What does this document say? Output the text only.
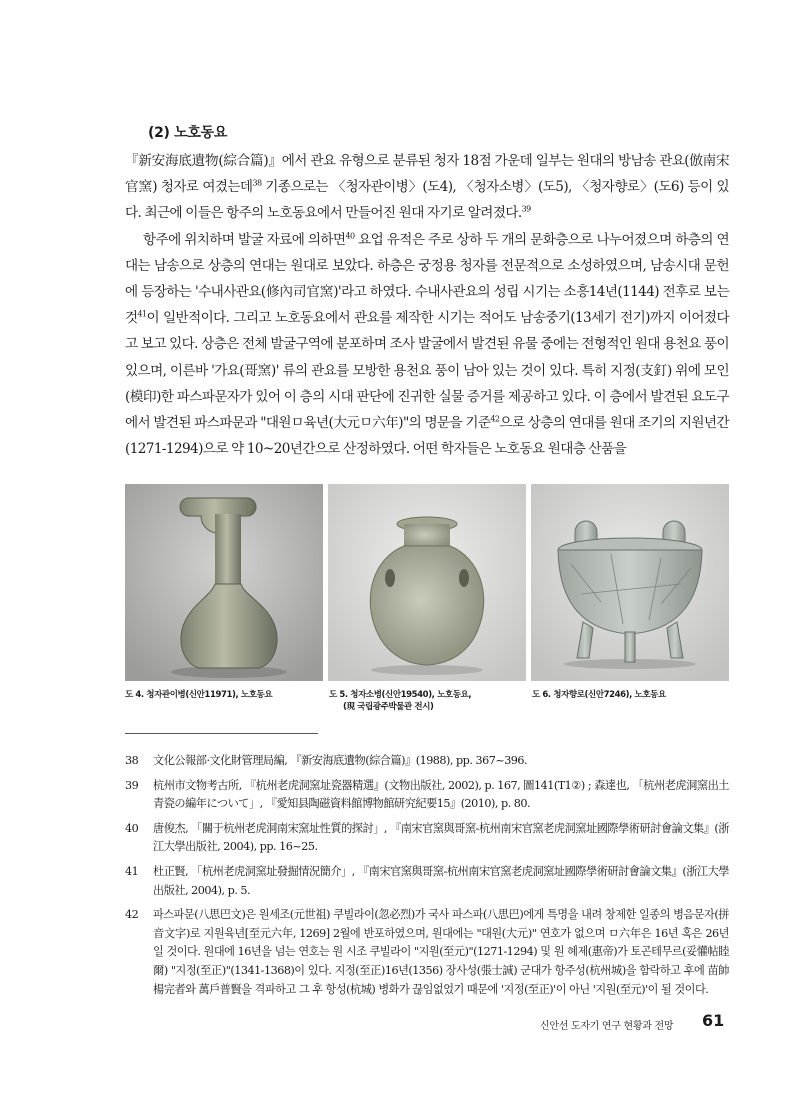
(2) 노호동요

『新安海底遺物(綜合篇)』에서 관요 유형으로 분류된 청자 18점 가운데 일부는 원대의 방남송 관요(倣南宋官窯) 청자로 여겼는데$^{38}$ 기종으로는 〈청자관이병〉(도4), 〈청자소병〉(도5), 〈청자향로〉(도6) 등이 있다. 최근에 이들은 항주의 노호동요에서 만들어진 원대 자기로 알려졌다.$^{39}$

항주에 위치하며 발굴 자료에 의하면$^{40}$ 요업 유적은 주로 상하 두 개의 문화층으로 나누어졌으며 하층의 연대는 남송으로 상층의 연대는 원대로 보았다. 하층은 궁정용 청자를 전문적으로 소성하였으며, 남송시대 문헌에 등장하는 '수내사관요(修內司官窯)'라고 하였다. 수내사관요의 성립 시기는 소흥14년(1144) 전후로 보는 것$^{41}$이 일반적이다. 그리고 노호동요에서 관요를 제작한 시기는 적어도 남송중기(13세기 전기)까지 이어졌다고 보고 있다. 상층은 전체 발굴구역에 분포하며 조사 발굴에서 발견된 유물 중에는 전형적인 원대 용천요 풍이 있으며, 이른바 '가요(哥窯)' 류의 관요를 모방한 용천요 풍이 남아 있는 것이 있다. 특히 지정(支釘) 위에 모인(模印)한 파스파문자가 있어 이 층의 시대 판단에 진귀한 실물 증거를 제공하고 있다. 이 층에서 발견된 요도구에서 발견된 파스파문과 "대원ㅁ육년(大元ㅁ六年)"의 명문을 기준$^{42}$으로 상층의 연대를 원대 조기의 지원년간(1271-1294)으로 약 10~20년간으로 산정하였다. 어떤 학자들은 노호동요 원대층 산품을

도 4. 청자관이병(신안11971), 노호동요	도 5. 청자소병(신안19540), 노호동요,
(現 국립광주박물관 전시)
도 6. 청자향로(신안7246), 노호동요
38	文化公報部·文化財管理局編, 『新安海底遺物(綜合篇)』(1988), pp. 367~396.
39	杭州市文物考古所, 『杭州老虎洞窯址瓷器精選』(文物出版社, 2002), p. 167, 圖141(T1②) ; 森達也, 「杭州老虎洞窯出土青瓷の編年について」, 『愛知县陶磁資料館博物館研究紀要15』(2010), p. 80.
40	唐俊杰, 「關于杭州老虎洞南宋窯址性質的探討」, 『南宋官窯與哥窯-杭州南宋官窯老虎洞窯址國際學術研討會論文集』(浙江大學出版社, 2004), pp. 16~25.
41	杜正賢, 「杭州老虎洞窯址發掘情況簡介」, 『南宋官窯與哥窯-杭州南宋官窯老虎洞窯址國際學術研討會論文集』(浙江大學出版社, 2004), p. 5.
42	파스파문(八思巴文)은 원세조(元世祖) 쿠빌라이(忽必烈)가 국사 파스파(八思巴)에게 특명을 내려 창제한 일종의 병음문자(拼音文字)로 지원육년[至元六年, 1269] 2월에 반포하였으며, 원대에는 "대원(大元)" 연호가 없으며 ㅁ六年은 16년 혹은 26년일 것이다. 원대에 16년을 넘는 연호는 원 시조 쿠빌라이 "지원(至元)"(1271-1294) 및 원 혜제(惠帝)가 토곤테무르(妥懽帖睦爾) "지정(至正)"(1341-1368)이 있다. 지정(至正)16년(1356) 장사성(張士誠) 군대가 항주성(杭州城)을 함락하고 후에 苗帥楊完者와 萬戶普賢을 격파하고 그 후 항성(杭城) 병화가 끊임없었기 때문에 '지정(至正)'이 아닌 '지원(至元)'이 될 것이다.
신안선 도자기 연구 현황과 전망 61
